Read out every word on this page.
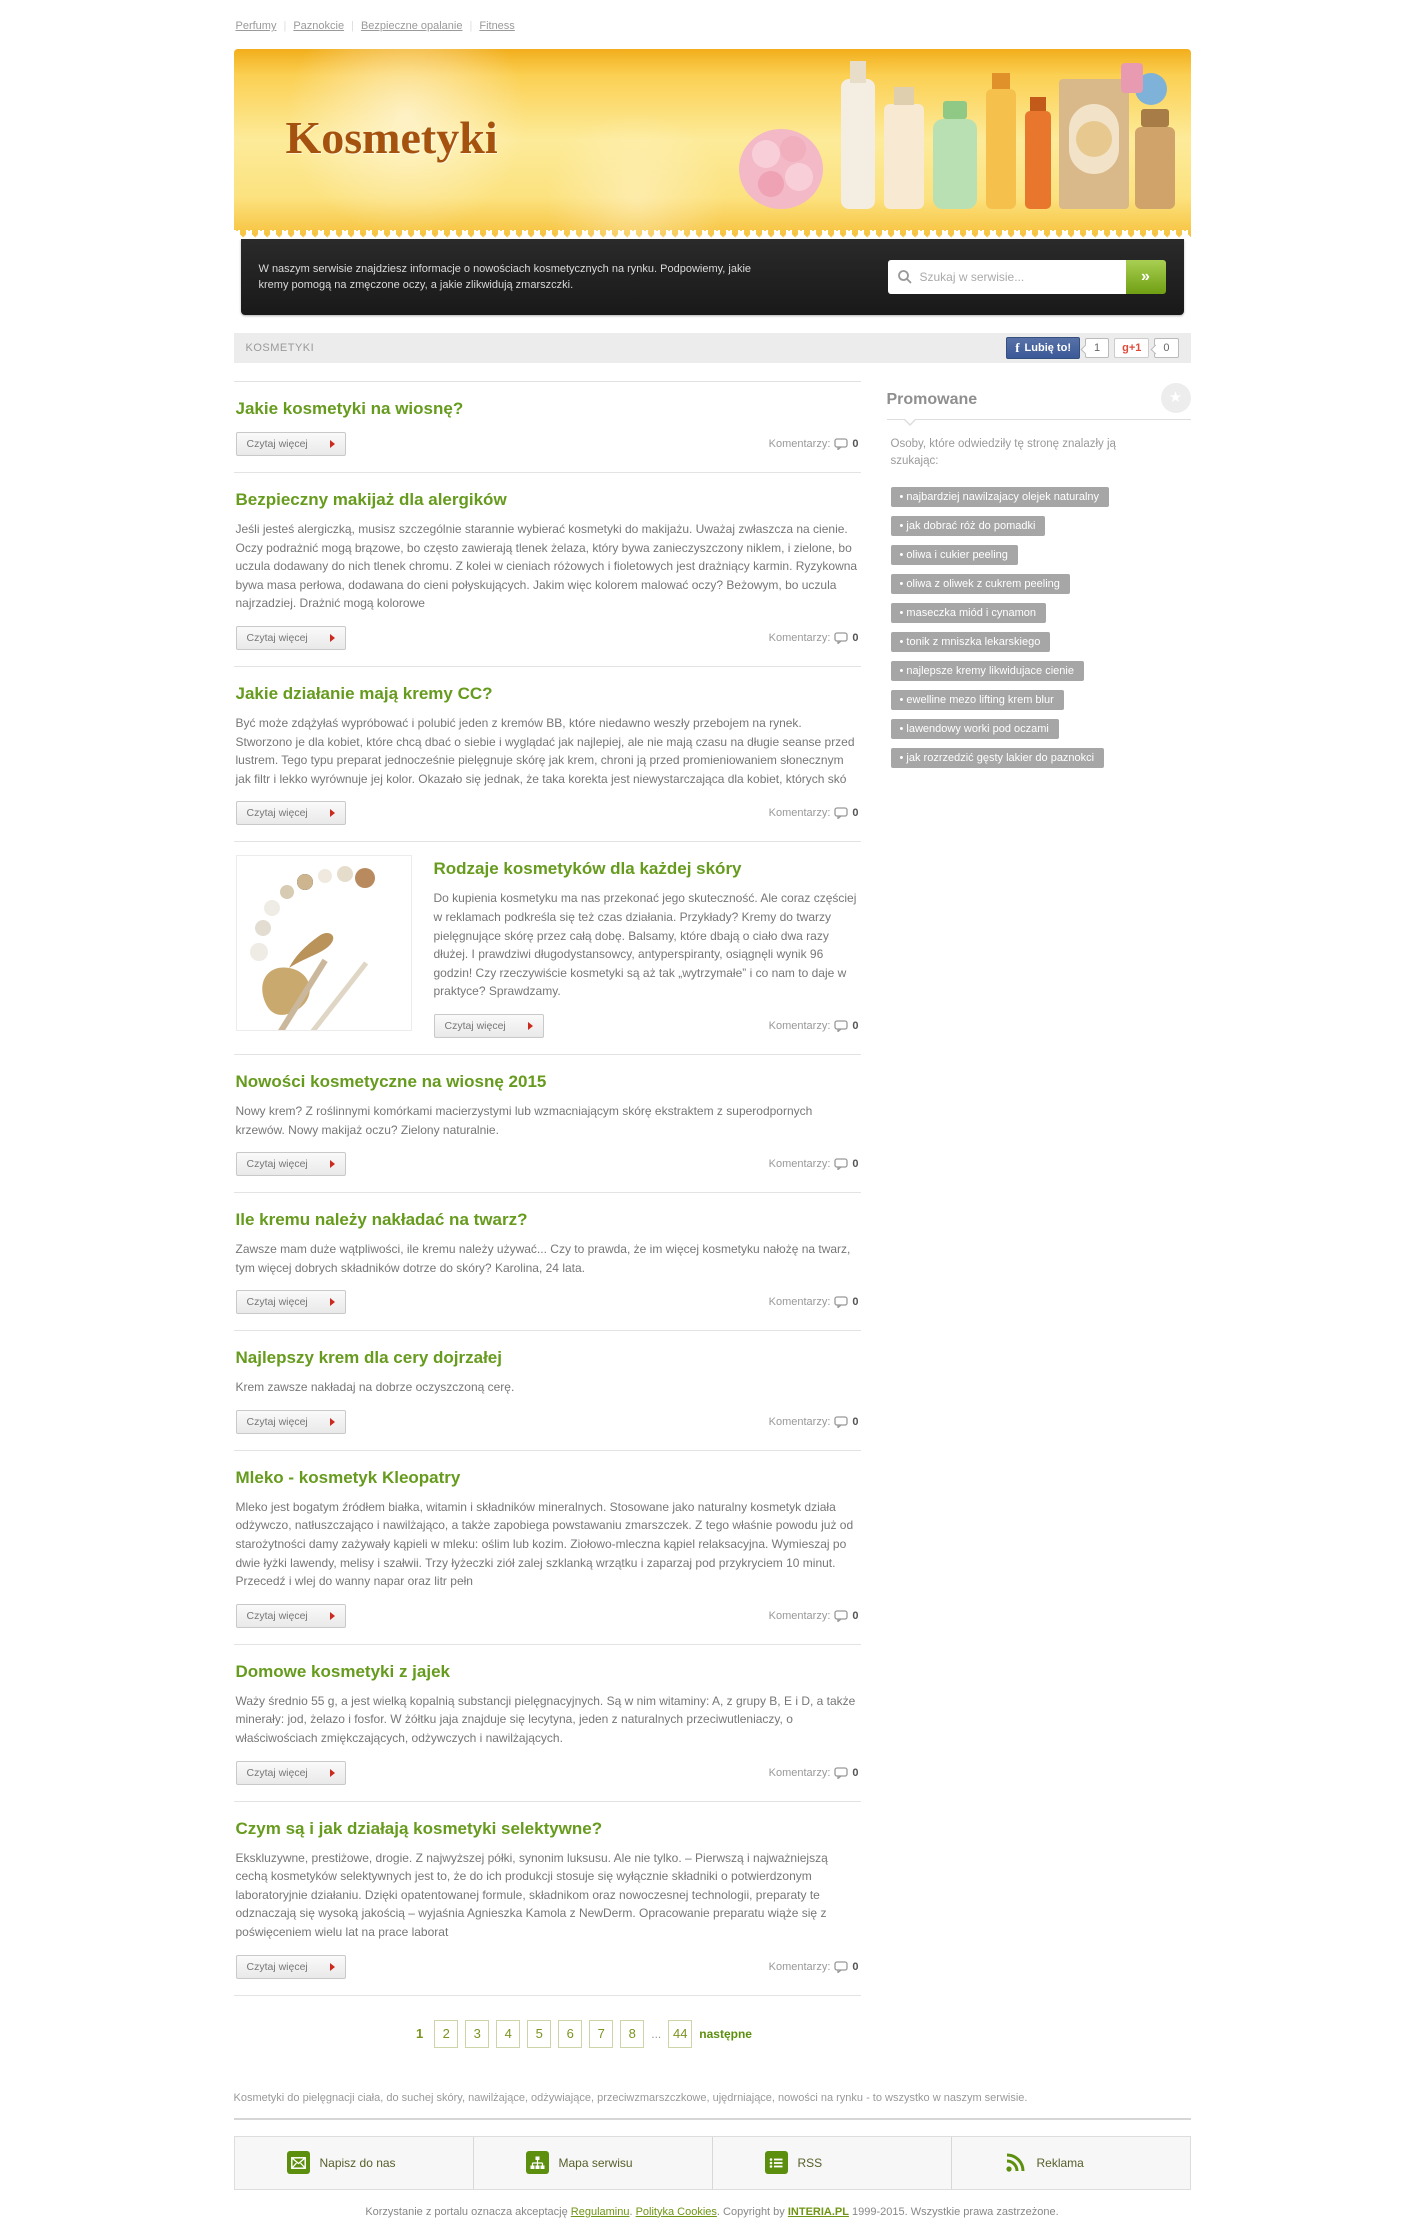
Perfumy | Paznokcie | Bezpieczne opalanie | Fitness
Kosmetyki

W naszym serwisie znajdziesz informacje o nowościach kosmetycznych na rynku. Podpowiemy, jakie kremy pomogą na zmęczone oczy, a jakie zlikwidują zmarszczki.

Szukaj w serwisie...	»
KOSMETYKI	f Lubię to!	1	g+1	0
Jakie kosmetyki na wiosnę?
Czytaj więcej	Komentarzy: 0
Bezpieczny makijaż dla alergików
Jeśli jesteś alergiczką, musisz szczególnie starannie wybierać kosmetyki do makijażu. Uważaj zwłaszcza na cienie. Oczy podrażnić mogą brązowe, bo często zawierają tlenek żelaza, który bywa zanieczyszczony niklem, i zielone, bo uczula dodawany do nich tlenek chromu. Z kolei w cieniach różowych i fioletowych jest drażniący karmin. Ryzykowna bywa masa perłowa, dodawana do cieni połyskujących. Jakim więc kolorem malować oczy? Beżowym, bo uczula najrzadziej. Drażnić mogą kolorowe
Czytaj więcej	Komentarzy: 0
Jakie działanie mają kremy CC?
Być może zdążyłaś wypróbować i polubić jeden z kremów BB, które niedawno weszły przebojem na rynek. Stworzono je dla kobiet, które chcą dbać o siebie i wyglądać jak najlepiej, ale nie mają czasu na długie seanse przed lustrem. Tego typu preparat jednocześnie pielęgnuje skórę jak krem, chroni ją przed promieniowaniem słonecznym jak filtr i lekko wyrównuje jej kolor. Okazało się jednak, że taka korekta jest niewystarczająca dla kobiet, których skó
Czytaj więcej	Komentarzy: 0
Rodzaje kosmetyków dla każdej skóry
Do kupienia kosmetyku ma nas przekonać jego skuteczność. Ale coraz częściej w reklamach podkreśla się też czas działania. Przykłady? Kremy do twarzy pielęgnujące skórę przez całą dobę. Balsamy, które dbają o ciało dwa razy dłużej. I prawdziwi długodystansowcy, antyperspiranty, osiągnęli wynik 96 godzin! Czy rzeczywiście kosmetyki są aż tak „wytrzymałe” i co nam to daje w praktyce? Sprawdzamy.
Czytaj więcej	Komentarzy: 0
Nowości kosmetyczne na wiosnę 2015
Nowy krem? Z roślinnymi komórkami macierzystymi lub wzmacniającym skórę ekstraktem z superodpornych krzewów. Nowy makijaż oczu? Zielony naturalnie.
Czytaj więcej	Komentarzy: 0
Ile kremu należy nakładać na twarz?
Zawsze mam duże wątpliwości, ile kremu należy używać... Czy to prawda, że im więcej kosmetyku nałożę na twarz, tym więcej dobrych składników dotrze do skóry? Karolina, 24 lata.
Czytaj więcej	Komentarzy: 0
Najlepszy krem dla cery dojrzałej
Krem zawsze nakładaj na dobrze oczyszczoną cerę.
Czytaj więcej	Komentarzy: 0
Mleko - kosmetyk Kleopatry
Mleko jest bogatym źródłem białka, witamin i składników mineralnych. Stosowane jako naturalny kosmetyk działa odżywczo, natłuszczająco i nawilżająco, a także zapobiega powstawaniu zmarszczek. Z tego właśnie powodu już od starożytności damy zażywały kąpieli w mleku: oślim lub kozim. Ziołowo-mleczna kąpiel relaksacyjna. Wymieszaj po dwie łyżki lawendy, melisy i szałwii. Trzy łyżeczki ziół zalej szklanką wrzątku i zaparzaj pod przykryciem 10 minut. Przecedź i wlej do wanny napar oraz litr pełn
Czytaj więcej	Komentarzy: 0
Domowe kosmetyki z jajek
Waży średnio 55 g, a jest wielką kopalnią substancji pielęgnacyjnych. Są w nim witaminy: A, z grupy B, E i D, a także minerały: jod, żelazo i fosfor. W żółtku jaja znajduje się lecytyna, jeden z naturalnych przeciwutleniaczy, o właściwościach zmiękczających, odżywczych i nawilżających.
Czytaj więcej	Komentarzy: 0
Czym są i jak działają kosmetyki selektywne?
Ekskluzywne, prestiżowe, drogie. Z najwyższej półki, synonim luksusu. Ale nie tylko. – Pierwszą i najważniejszą cechą kosmetyków selektywnych jest to, że do ich produkcji stosuje się wyłącznie składniki o potwierdzonym laboratoryjnie działaniu. Dzięki opatentowanej formule, składnikom oraz nowoczesnej technologii, preparaty te odznaczają się wysoką jakością – wyjaśnia Agnieszka Kamola z NewDerm. Opracowanie preparatu wiąże się z poświęceniem wielu lat na prace laborat
Czytaj więcej	Komentarzy: 0
1	2	3	4	5	6	7	8	... 44 następne
Promowane	★

Osoby, które odwiedziły tę stronę znalazły ją szukając:

• najbardziej nawilzajacy olejek naturalny
• jak dobrać róż do pomadki
• oliwa i cukier peeling
• oliwa z oliwek z cukrem peeling
• maseczka miód i cynamon
• tonik z mniszka lekarskiego
• najlepsze kremy likwidujace cienie
• ewelline mezo lifting krem blur
• lawendowy worki pod oczami
• jak rozrzedzić gęsty lakier do paznokci

Kosmetyki do pielęgnacji ciała, do suchej skóry, nawilżające, odżywiające, przeciwzmarszczkowe, ujędrniające, nowości na rynku - to wszystko w naszym serwisie.

Napisz do nas	Mapa serwisu	RSS	Reklama

Korzystanie z portalu oznacza akceptację Regulaminu. Polityka Cookies. Copyright by INTERIA.PL 1999-2015. Wszystkie prawa zastrzeżone.
